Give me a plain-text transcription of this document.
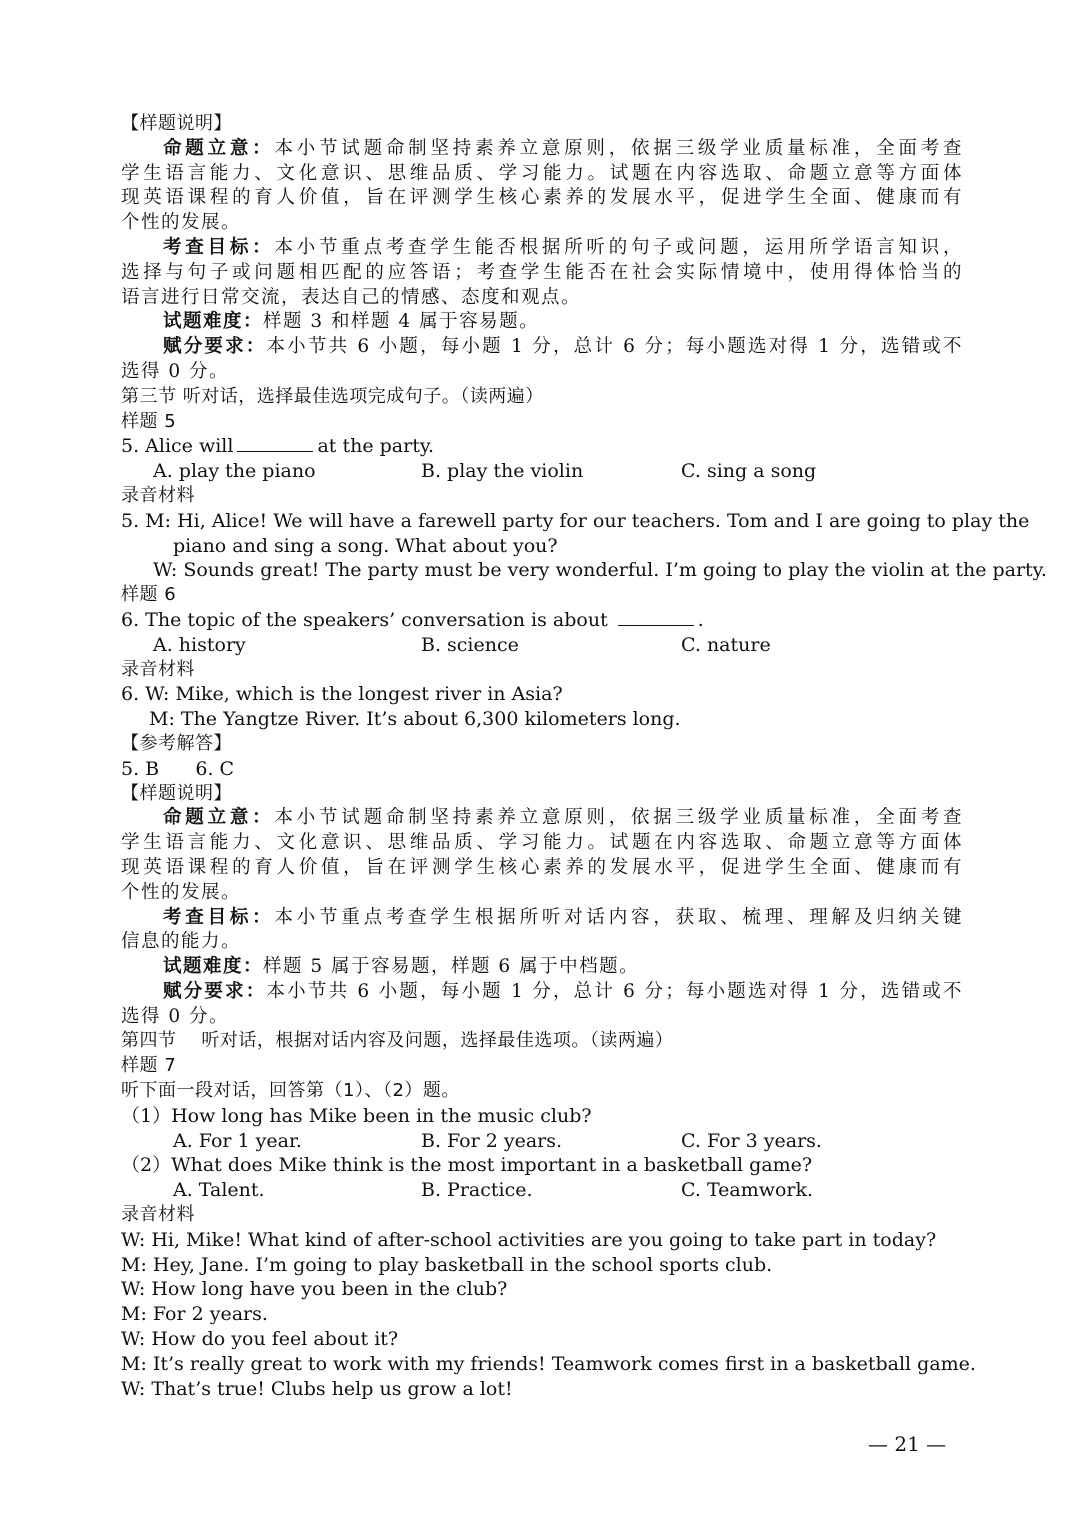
【样题说明】
命题立意：本小节试题命制坚持素养立意原则，依据三级学业质量标准，全面考查
学生语言能力、文化意识、思维品质、学习能力。试题在内容选取、命题立意等方面体
现英语课程的育人价值，旨在评测学生核心素养的发展水平，促进学生全面、健康而有
个性的发展。
考查目标：本小节重点考查学生能否根据所听的句子或问题，运用所学语言知识，
选择与句子或问题相匹配的应答语；考查学生能否在社会实际情境中，使用得体恰当的
语言进行日常交流，表达自己的情感、态度和观点。
试题难度：样题 3 和样题 4 属于容易题。
赋分要求：本小节共 6 小题，每小题 1 分，总计 6 分；每小题选对得 1 分，选错或不
选得 0 分。
第三节 听对话，选择最佳选项完成句子。（读两遍）
样题 5
5. Alice will	at the party.
A. play the piano	B. play the violin	C. sing a song
录音材料
5. M: Hi, Alice! We will have a farewell party for our teachers. Tom and I are going to play the
piano and sing a song. What about you?
W: Sounds great! The party must be very wonderful. I’m going to play the violin at the party.
样题 6
6. The topic of the speakers’ conversation is about	.
A. history	B. science	C. nature
录音材料
6. W: Mike, which is the longest river in Asia?
M: The Yangtze River. It’s about 6,300 kilometers long.
【参考解答】
5. B      6. C
【样题说明】
命题立意：本小节试题命制坚持素养立意原则，依据三级学业质量标准，全面考查
学生语言能力、文化意识、思维品质、学习能力。试题在内容选取、命题立意等方面体
现英语课程的育人价值，旨在评测学生核心素养的发展水平，促进学生全面、健康而有
个性的发展。
考查目标：本小节重点考查学生根据所听对话内容，获取、梳理、理解及归纳关键
信息的能力。
试题难度：样题 5 属于容易题，样题 6 属于中档题。
赋分要求：本小节共 6 小题，每小题 1 分，总计 6 分；每小题选对得 1 分，选错或不
选得 0 分。
第四节    听对话，根据对话内容及问题，选择最佳选项。（读两遍）
样题 7
听下面一段对话，回答第（1）、（2）题。
（1）How long has Mike been in the music club?
A. For 1 year.	B. For 2 years.	C. For 3 years.
（2）What does Mike think is the most important in a basketball game?
A. Talent.	B. Practice.	C. Teamwork.
录音材料
W: Hi, Mike! What kind of after-school activities are you going to take part in today?
M: Hey, Jane. I’m going to play basketball in the school sports club.
W: How long have you been in the club?
M: For 2 years.
W: How do you feel about it?
M: It’s really great to work with my friends! Teamwork comes first in a basketball game.
W: That’s true! Clubs help us grow a lot!
— 21 —
